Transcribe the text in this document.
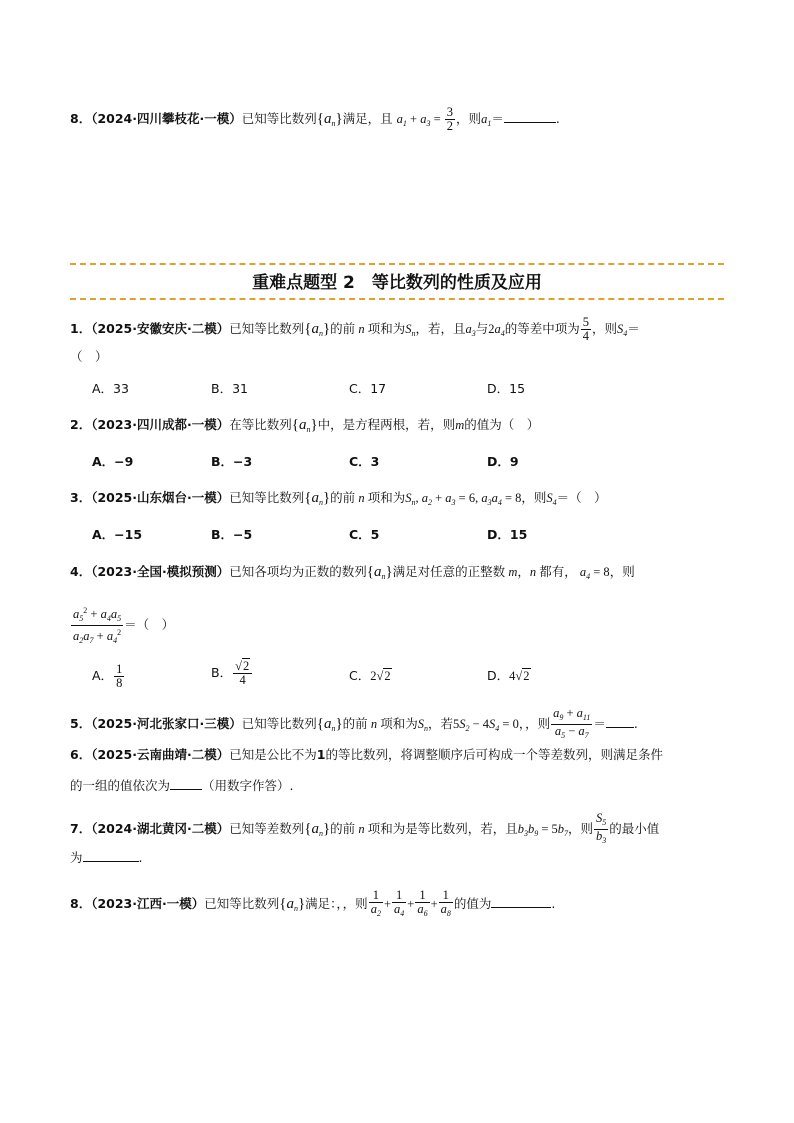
8．（2024·四川攀枝花·一模）已知等比数列$\{a_n\}$满足，且 $a_1 + a_3 = \frac{3}{2}$ ，则$a_1=$	.
重难点题型 2　等比数列的性质及应用
1．（2025·安徽安庆·二模）已知等比数列$\{a_n\}$的前 n 项和为$S_n$，若，且$a_3$与$2a_4$的等差中项为 $\frac{5}{4}$ ，则$S_4=$
（　）
A．33	B．31	C．17	D．15
2．（2023·四川成都·一模）在等比数列$\{a_n\}$中，是方程两根，若，则m的值为（　）
A．−9	B．−3	C．3	D．9
3．（2025·山东烟台·一模）已知等比数列$\{a_n\}$的前 n 项和为$S_n$, $a_2 + a_3 = 6$, $a_3a_4 = 8$，则$S_4=$（　）
A．−15	B．−5	C．5	D．15
4．（2023·全国·模拟预测）已知各项均为正数的数列$\{a_n\}$满足对任意的正整数 m，n 都有， $a_4 = 8$，则
$\frac{a_5^2 + a_4a_5}{a_2a_7 + a_4^2}$ ＝（　）
A． $\frac{1}{8}$	B． $\frac{√2}{4}$	C．2√2	D．4√2
5．（2025·河北张家口·三模）已知等比数列$\{a_n\}$的前 n 项和为$S_n$，若$5S_2 - 4S_4 = 0$，，则 $\frac{a_9 + a_{11}}{a_5 - a_7}$ ＝ .
6．（2025·云南曲靖·二模）已知是公比不为1的等比数列，将调整顺序后可构成一个等差数列，则满足条件
的一组的值依次为	（用数字作答）.
7．（2024·湖北黄冈·二模）已知等差数列$\{a_n\}$的前 n 项和为是等比数列，若，且$b_3b_9 = 5b_7$，则 $\frac{S_5}{b_3}$ 的最小值
为	.
8．（2023·江西·一模）已知等比数列$\{a_n\}$满足：，，则 $\frac{1}{a_2} + \frac{1}{a_4} + \frac{1}{a_6} + \frac{1}{a_8}$ 的值为	.
